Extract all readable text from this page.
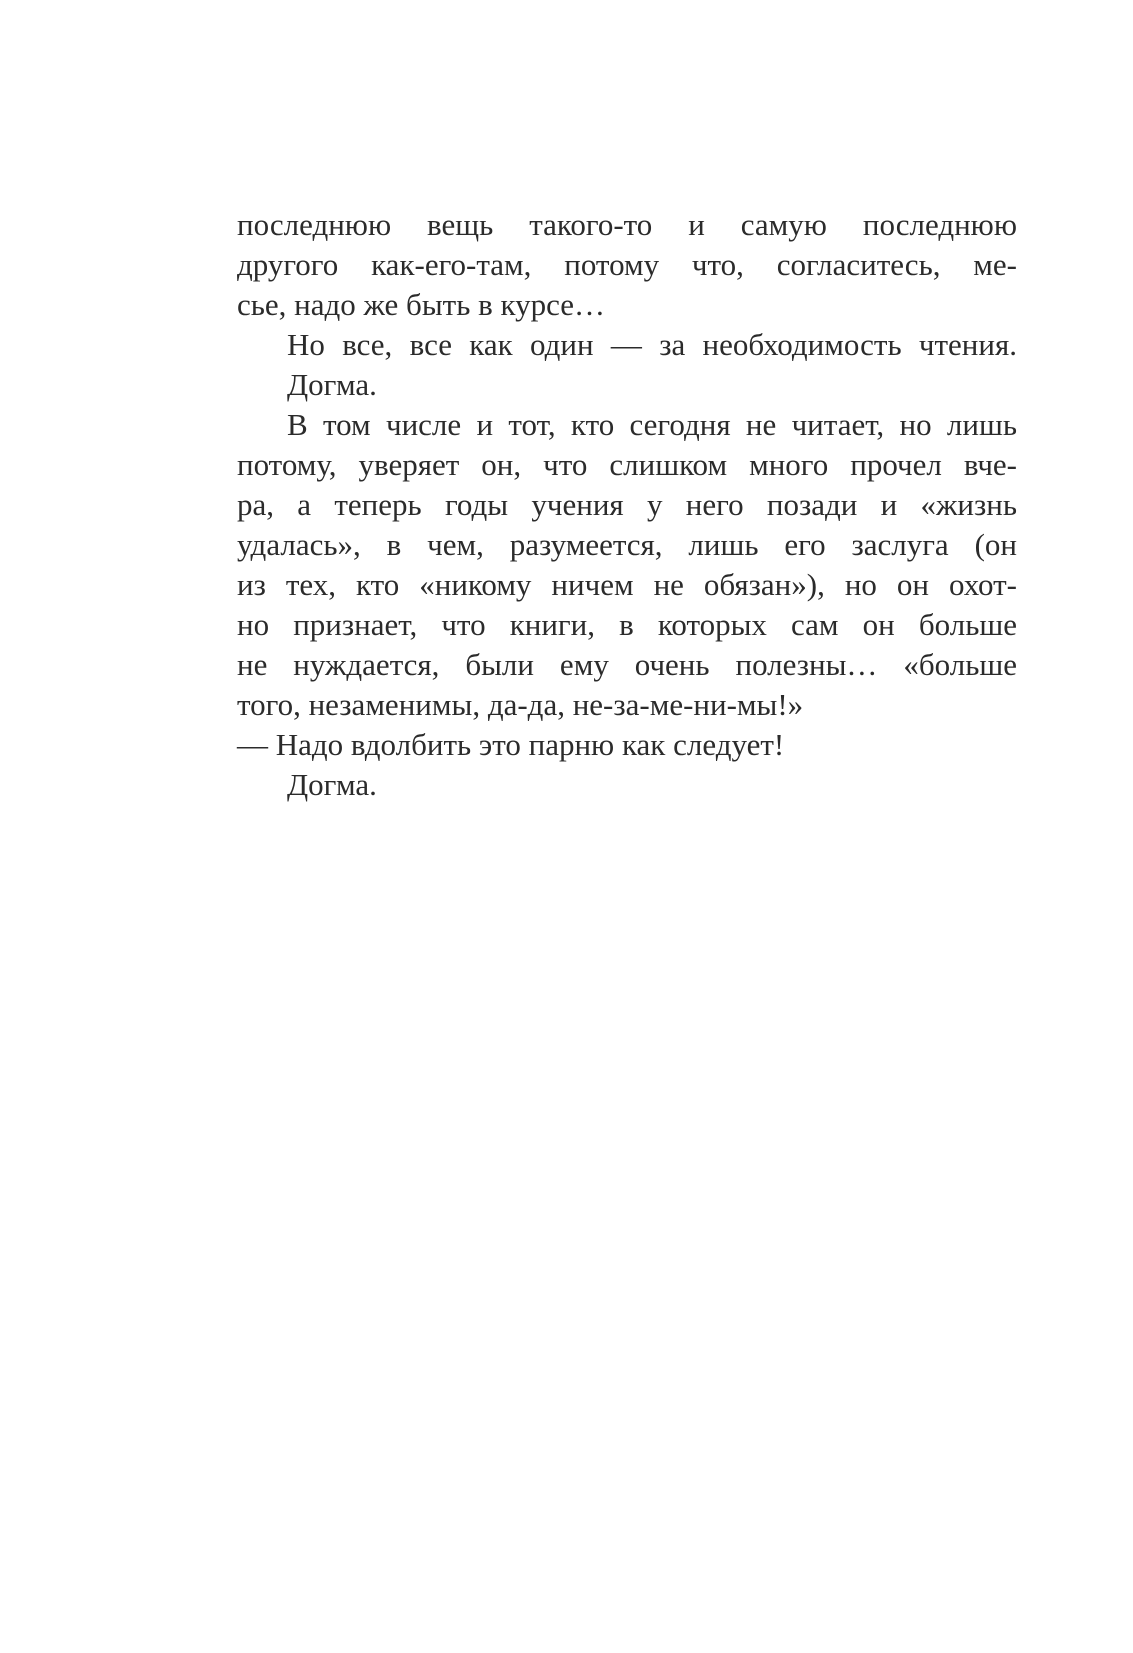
последнюю вещь такого-то и самую последнюю
другого как-его-там, потому что, согласитесь, ме-
сье, надо же быть в курсе…
Но все, все как один — за необходимость чтения.
Догма.
В том числе и тот, кто сегодня не читает, но лишь
потому, уверяет он, что слишком много прочел вче-
ра, а теперь годы учения у него позади и «жизнь
удалась», в чем, разумеется, лишь его заслуга (он
из тех, кто «никому ничем не обязан»), но он охот-
но признает, что книги, в которых сам он больше
не нуждается, были ему очень полезны… «больше
того, незаменимы, да-да, не-за-ме-ни-мы!»
— Надо вдолбить это парню как следует!
Догма.
